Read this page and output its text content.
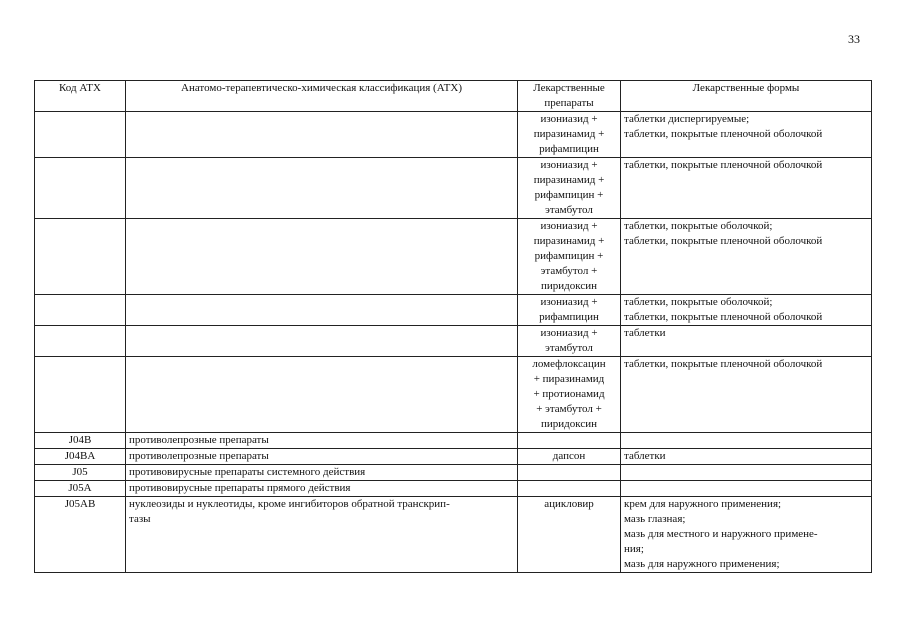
33
Код АТХ	Анатомо-терапевтическо-химическая классификация (АТХ)	Лекарственные
препараты	Лекарственные формы

		изониазид +
пиразинамид +
рифампицин	таблетки диспергируемые;
таблетки, покрытые пленочной оболочкой

		изониазид +
пиразинамид +
рифампицин +
этамбутол	таблетки, покрытые пленочной оболочкой

		изониазид +
пиразинамид +
рифампицин +
этамбутол +
пиридоксин	таблетки, покрытые оболочкой;
таблетки, покрытые пленочной оболочкой

		изониазид +
рифампицин	таблетки, покрытые оболочкой;
таблетки, покрытые пленочной оболочкой

		изониазид +
этамбутол	таблетки

		ломефлоксацин
+ пиразинамид
+ протионамид
+ этамбутол +
пиридоксин	таблетки, покрытые пленочной оболочкой

J04B	противолепрозные препараты		

J04BA	противолепрозные препараты	дапсон	таблетки

J05	противовирусные препараты системного действия		

J05A	противовирусные препараты прямого действия		

J05AB	нуклеозиды и нуклеотиды, кроме ингибиторов обратной транскрип-
тазы	ацикловир	крем для наружного применения;
мазь глазная;
мазь для местного и наружного примене-
ния;
мазь для наружного применения;
